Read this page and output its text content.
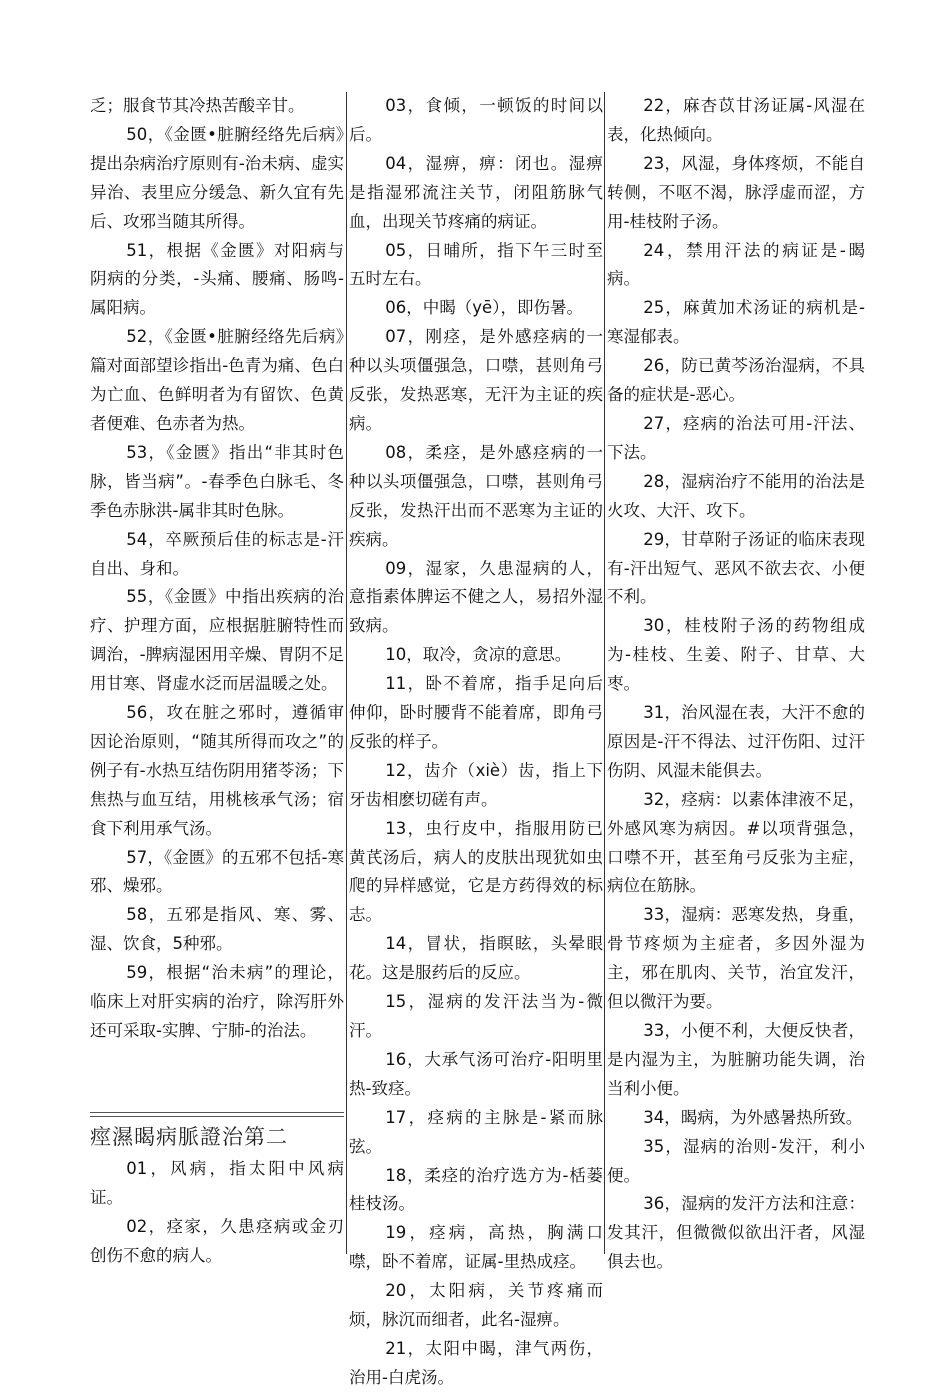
乏；服食节其冷热苦酸辛甘。

50，《金匮•脏腑经络先后病》提出杂病治疗原则有-治未病、虚实异治、表里应分缓急、新久宜有先后、攻邪当随其所得。

51，根据《金匮》对阳病与阴病的分类，-头痛、腰痛、肠鸣-属阳病。

52，《金匮•脏腑经络先后病》篇对面部望诊指出-色青为痛、色白为亡血、色鲜明者为有留饮、色黄者便难、色赤者为热。

53，《金匮》指出“非其时色脉，皆当病”。-春季色白脉毛、冬季色赤脉洪-属非其时色脉。

54，卒厥预后佳的标志是-汗自出、身和。

55，《金匮》中指出疾病的治疗、护理方面，应根据脏腑特性而调治，-脾病湿困用辛燥、胃阴不足用甘寒、肾虚水泛而居温暖之处。

56，攻在脏之邪时，遵循审因论治原则，“随其所得而攻之”的例子有-水热互结伤阴用猪苓汤；下焦热与血互结，用桃核承气汤；宿食下利用承气汤。

57，《金匮》的五邪不包括-寒邪、燥邪。

58，五邪是指风、寒、雾、湿、饮食，5种邪。

59，根据“治未病”的理论，临床上对肝实病的治疗，除泻肝外还可采取-实脾、宁肺-的治法。

痙濕暍病脈證治第二

01，风病，指太阳中风病证。

02，痉家，久患痉病或金刃创伤不愈的病人。

03，食倾，一顿饭的时间以后。

04，湿痹，痹：闭也。湿痹是指湿邪流注关节，闭阻筋脉气血，出现关节疼痛的病证。

05，日晡所，指下午三时至五时左右。

06，中暍（yē），即伤暑。

07，刚痉，是外感痉病的一种以头项僵强急，口噤，甚则角弓反张，发热恶寒，无汗为主证的疾病。

08，柔痉，是外感痉病的一种以头项僵强急，口噤，甚则角弓反张，发热汗出而不恶寒为主证的疾病。

09，湿家，久患湿病的人，意指素体脾运不健之人，易招外湿致病。

10，取冷，贪凉的意思。

11，卧不着席，指手足向后伸仰，卧时腰背不能着席，即角弓反张的样子。

12，齿介（xiè）齿，指上下牙齿相麽切磋有声。

13，虫行皮中，指服用防已黄芪汤后，病人的皮肤出现犹如虫爬的异样感觉，它是方药得效的标志。

14，冒状，指瞑眩，头晕眼花。这是服药后的反应。

15，湿病的发汗法当为-微汗。

16，大承气汤可治疗-阳明里热-致痉。

17，痉病的主脉是-紧而脉弦。

18，柔痉的治疗选方为-栝蒌桂枝汤。

19，痉病，高热，胸满口噤，卧不着席，证属-里热成痉。

20，太阳病，关节疼痛而烦，脉沉而细者，此名-湿痹。

21，太阳中暍，津气两伤，治用-白虎汤。

22，麻杏苡甘汤证属-风湿在表，化热倾向。

23，风湿，身体疼烦，不能自转侧，不呕不渴，脉浮虚而涩，方用-桂枝附子汤。

24，禁用汗法的病证是-暍病。

25，麻黄加术汤证的病机是-寒湿郁表。

26，防已黄芩汤治湿病，不具备的症状是-恶心。

27，痉病的治法可用-汗法、下法。

28，湿病治疗不能用的治法是火攻、大汗、攻下。

29，甘草附子汤证的临床表现有-汗出短气、恶风不欲去衣、小便不利。

30，桂枝附子汤的药物组成为-桂枝、生姜、附子、甘草、大枣。

31，治风湿在表，大汗不愈的原因是-汗不得法、过汗伤阳、过汗伤阴、风湿未能俱去。

32，痉病：以素体津液不足，外感风寒为病因。#以项背强急，口噤不开，甚至角弓反张为主症，病位在筋脉。

33，湿病：恶寒发热，身重，骨节疼烦为主症者，多因外湿为主，邪在肌肉、关节，治宜发汗，但以微汗为要。

33，小便不利，大便反快者，是内湿为主，为脏腑功能失调，治当利小便。

34，暍病，为外感暑热所致。

35，湿病的治则-发汗，利小便。

36，湿病的发汗方法和注意：发其汗，但微微似欲出汗者，风湿俱去也。
